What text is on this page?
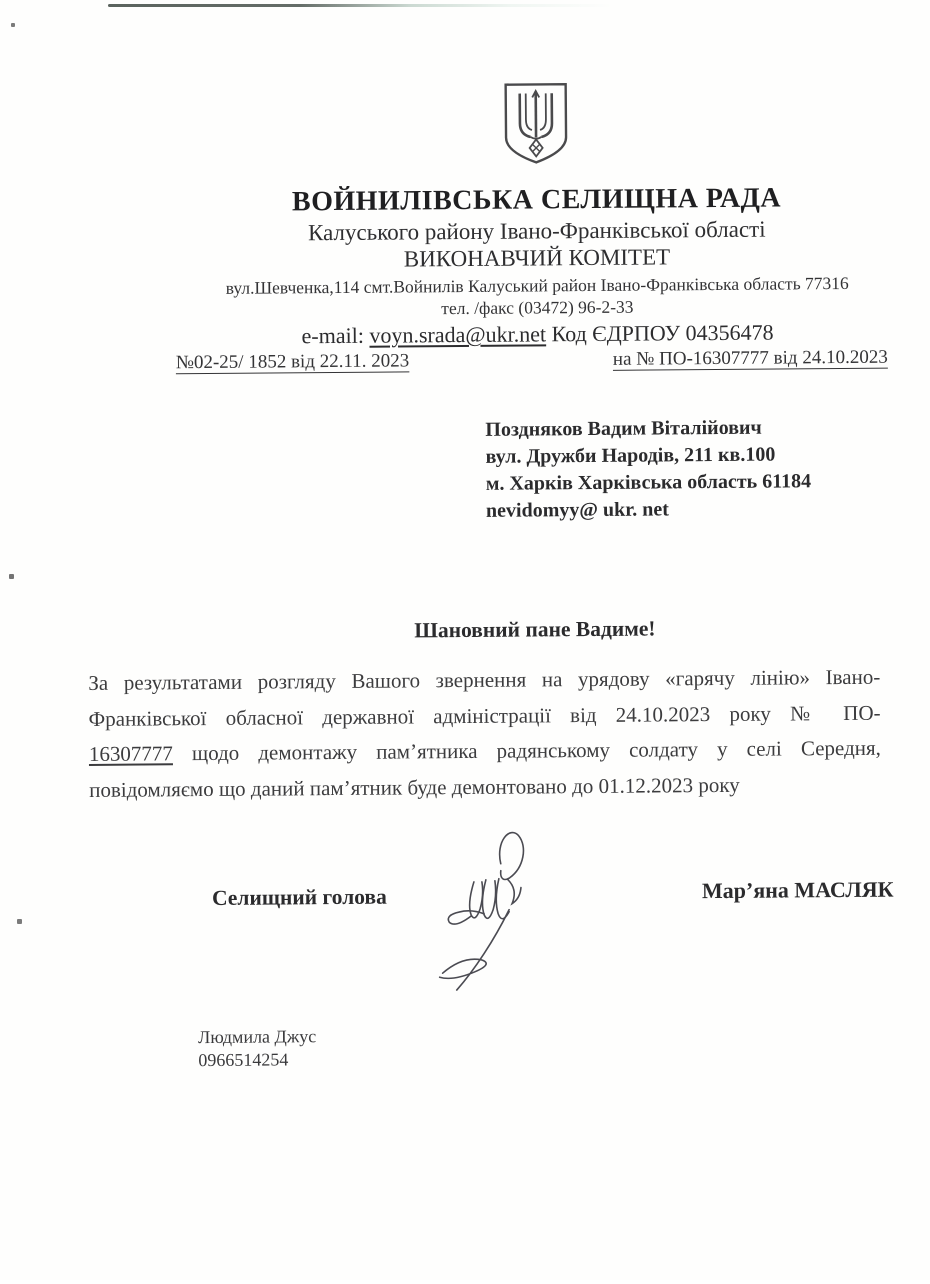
ВОЙНИЛІВСЬКА СЕЛИЩНА РАДА
Калуського району Івано-Франківської області
ВИКОНАВЧИЙ КОМІТЕТ
вул.Шевченка,114 смт.Войнилів Калуський район Івано-Франківська область 77316
тел. /факс (03472) 96-2-33
e-mail: voyn.srada@ukr.net Код ЄДРПОУ 04356478
№02-25/ 1852 від 22.11. 2023	на № ПО-16307777 від 24.10.2023
Поздняков Вадим Віталійович
вул. Дружби Народів, 211 кв.100
м. Харків Харківська область 61184
nevidomyy@ ukr. net
Шановний пане Вадиме!
За результатами розгляду Вашого звернення на урядову «гарячу лінію» Івано-
Франківської обласної державної адміністрації від 24.10.2023 року № ПО-
16307777 щодо демонтажу пам’ятника радянському солдату у селі Середня,
повідомляємо що даний пам’ятник буде демонтовано до 01.12.2023 року
Селищний голова	Мар’яна МАСЛЯК
Людмила Джус
0966514254
